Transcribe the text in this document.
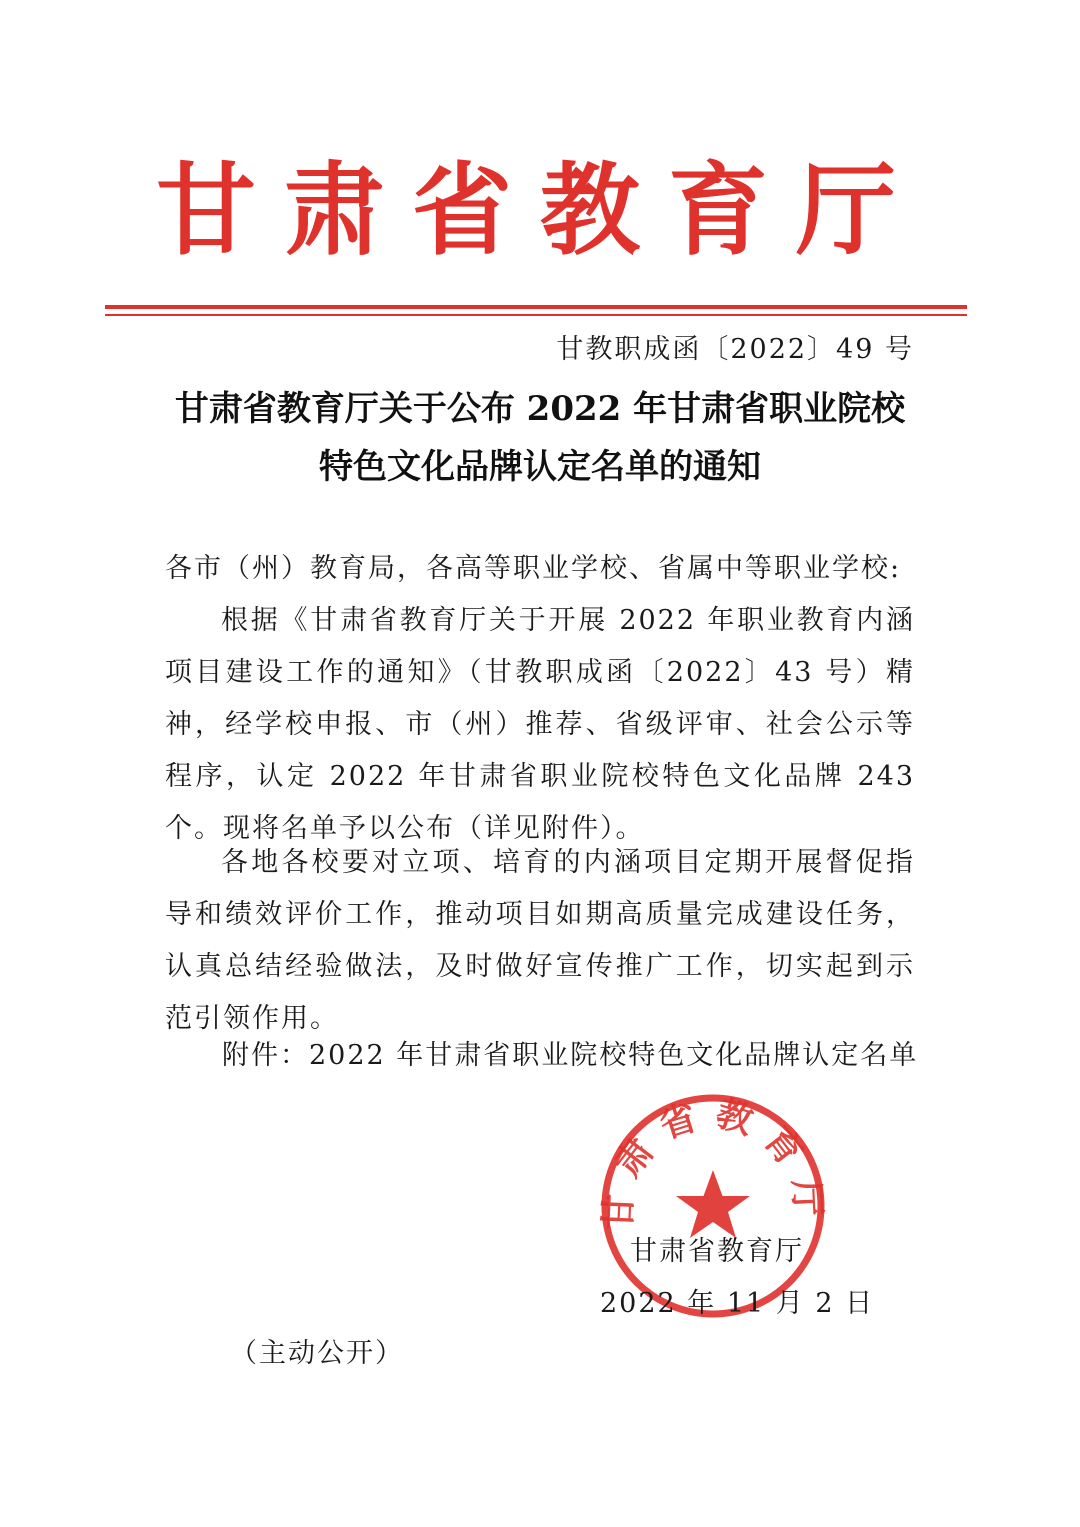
甘肃省教育厅
甘教职成函〔2022〕49 号
甘肃省教育厅关于公布 2022 年甘肃省职业院校
特色文化品牌认定名单的通知
各市（州）教育局，各高等职业学校、省属中等职业学校:
根据《甘肃省教育厅关于开展 2022 年职业教育内涵项目建设工作的通知》（甘教职成函〔2022〕43 号）精神，经学校申报、市（州）推荐、省级评审、社会公示等程序，认定 2022 年甘肃省职业院校特色文化品牌 243 个。现将名单予以公布（详见附件）。
各地各校要对立项、培育的内涵项目定期开展督促指导和绩效评价工作，推动项目如期高质量完成建设任务，认真总结经验做法，及时做好宣传推广工作，切实起到示范引领作用。
附件：2022 年甘肃省职业院校特色文化品牌认定名单
甘肃省教育厅
甘肃省教育厅
2022 年 11 月 2 日
（主动公开）
